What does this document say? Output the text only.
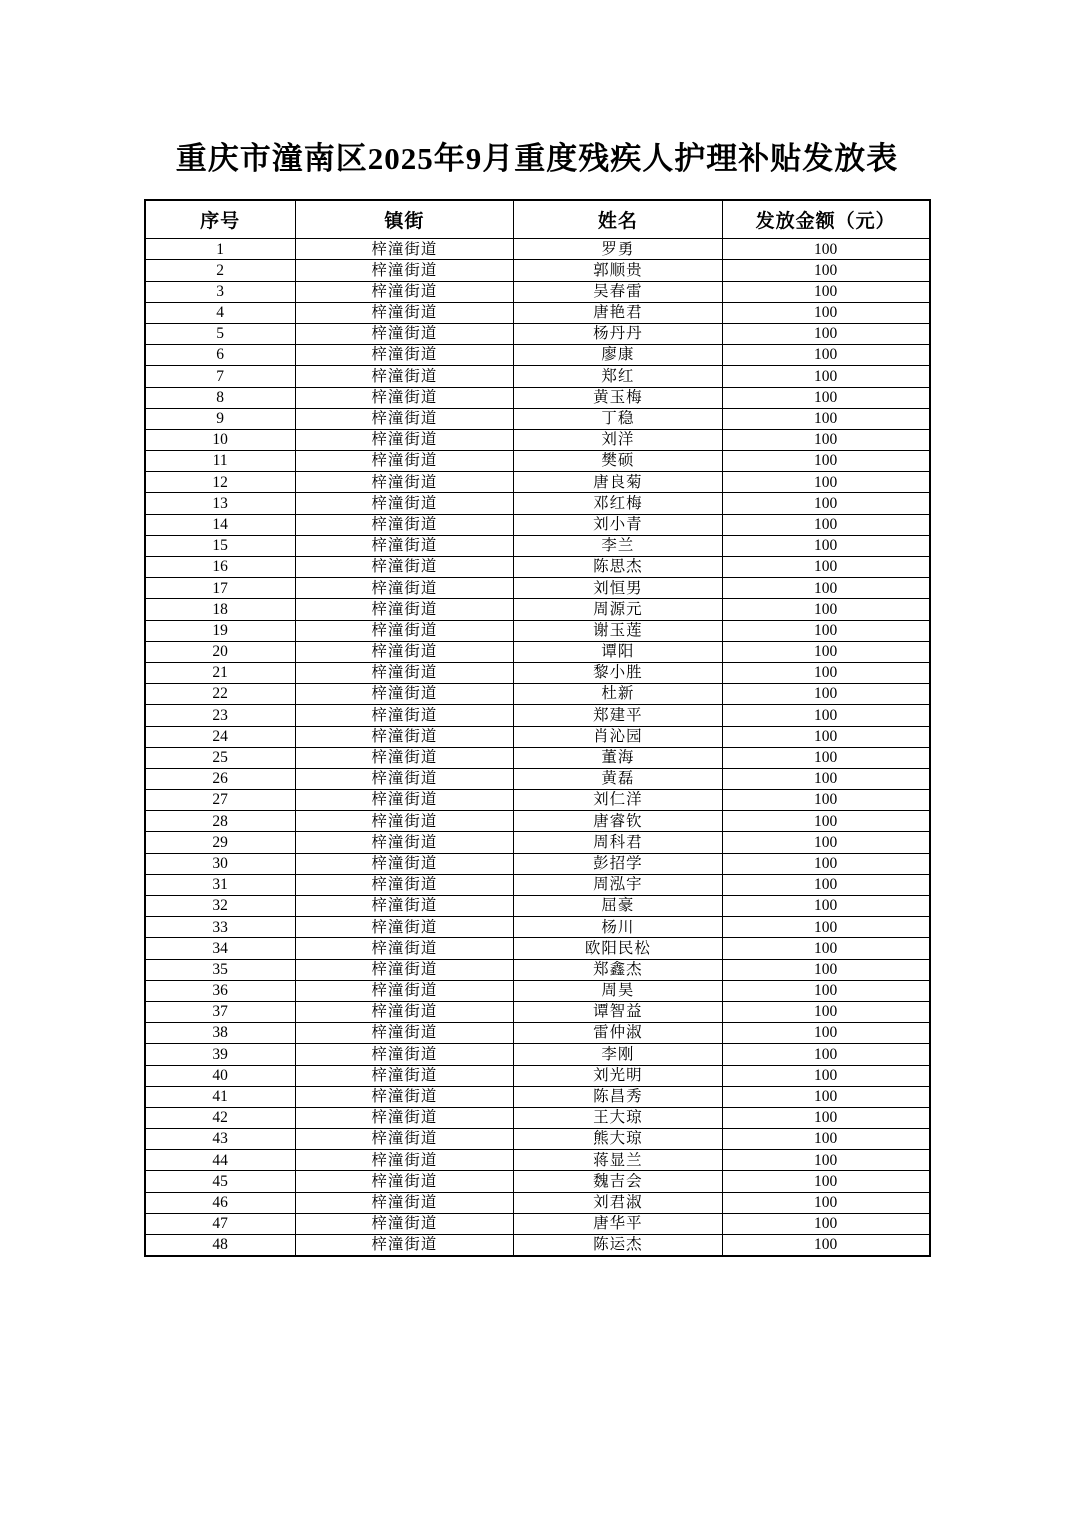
重庆市潼南区2025年9月重度残疾人护理补贴发放表
序号	镇街	姓名	发放金额（元）
1	梓潼街道	罗勇	100
2	梓潼街道	郭顺贵	100
3	梓潼街道	吴春雷	100
4	梓潼街道	唐艳君	100
5	梓潼街道	杨丹丹	100
6	梓潼街道	廖康	100
7	梓潼街道	郑红	100
8	梓潼街道	黄玉梅	100
9	梓潼街道	丁稳	100
10	梓潼街道	刘洋	100
11	梓潼街道	樊硕	100
12	梓潼街道	唐良菊	100
13	梓潼街道	邓红梅	100
14	梓潼街道	刘小青	100
15	梓潼街道	李兰	100
16	梓潼街道	陈思杰	100
17	梓潼街道	刘恒男	100
18	梓潼街道	周源元	100
19	梓潼街道	谢玉莲	100
20	梓潼街道	谭阳	100
21	梓潼街道	黎小胜	100
22	梓潼街道	杜新	100
23	梓潼街道	郑建平	100
24	梓潼街道	肖沁园	100
25	梓潼街道	董海	100
26	梓潼街道	黄磊	100
27	梓潼街道	刘仁洋	100
28	梓潼街道	唐睿钦	100
29	梓潼街道	周科君	100
30	梓潼街道	彭招学	100
31	梓潼街道	周泓宇	100
32	梓潼街道	屈豪	100
33	梓潼街道	杨川	100
34	梓潼街道	欧阳民松	100
35	梓潼街道	郑鑫杰	100
36	梓潼街道	周昊	100
37	梓潼街道	谭智益	100
38	梓潼街道	雷仲淑	100
39	梓潼街道	李刚	100
40	梓潼街道	刘光明	100
41	梓潼街道	陈昌秀	100
42	梓潼街道	王大琼	100
43	梓潼街道	熊大琼	100
44	梓潼街道	蒋显兰	100
45	梓潼街道	魏吉会	100
46	梓潼街道	刘君淑	100
47	梓潼街道	唐华平	100
48	梓潼街道	陈运杰	100
